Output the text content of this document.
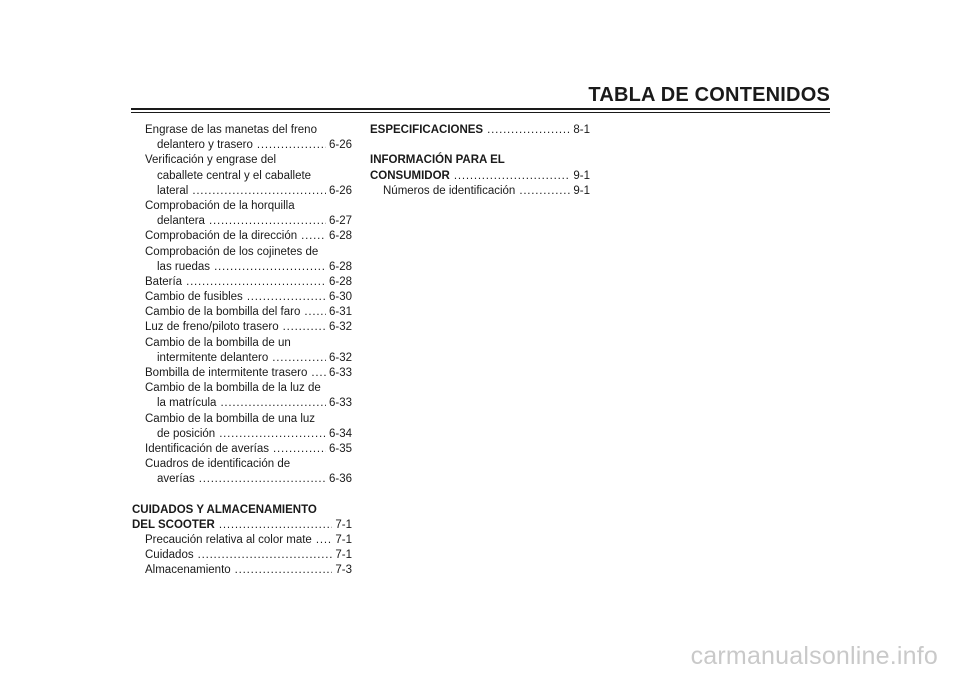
TABLA DE CONTENIDOS
Engrase de las manetas del freno
delantero y trasero . . .	6-26
Verificación y engrase del
caballete central y el caballete
lateral . . .	6-26
Comprobación de la horquilla
delantera . . .	6-27
Comprobación de la dirección . . .	6-28
Comprobación de los cojinetes de
las ruedas . . .	6-28
Batería . . .	6-28
Cambio de fusibles . . .	6-30
Cambio de la bombilla del faro . . . 6-31
Luz de freno/piloto trasero . . .	6-32
Cambio de la bombilla de un
intermitente delantero . . .	6-32
Bombilla de intermitente trasero . . . 6-33
Cambio de la bombilla de la luz de
la matrícula . . .	6-33
Cambio de la bombilla de una luz
de posición . . .	6-34
Identificación de averías . . .	6-35
Cuadros de identificación de
averías . . .	6-36
CUIDADOS Y ALMACENAMIENTO
DEL SCOOTER . . .	7-1
Precaución relativa al color mate . . . 7-1
Cuidados . . .	7-1
Almacenamiento . . .	7-3
ESPECIFICACIONES . . .	8-1
INFORMACIÓN PARA EL
CONSUMIDOR . . .	9-1
Números de identificación . . .	9-1
carmanualsonline.info
